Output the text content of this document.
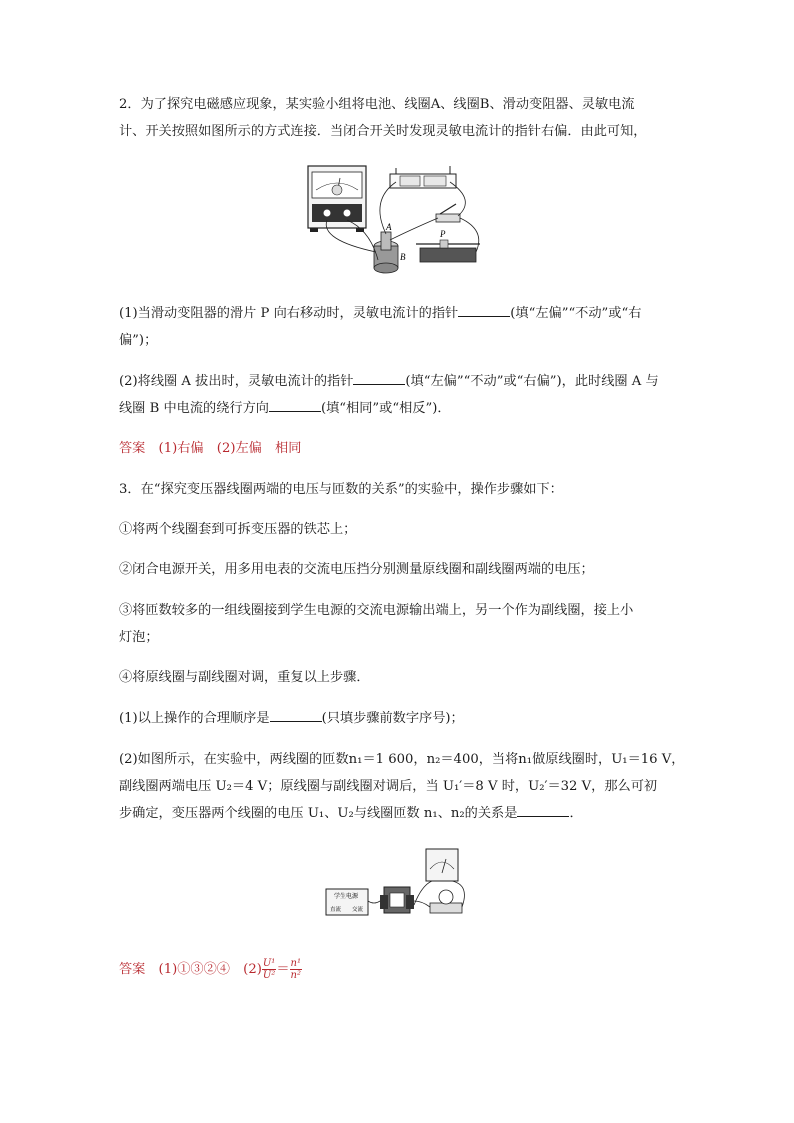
2．为了探究电磁感应现象，某实验小组将电池、线圈A、线圈B、滑动变阻器、灵敏电流
计、开关按照如图所示的方式连接．当闭合开关时发现灵敏电流计的指针右偏．由此可知，
A
B
P
(1)当滑动变阻器的滑片 P 向右移动时，灵敏电流计的指针	(填“左偏”“不动”或“右
偏”)；
(2)将线圈 A 拔出时，灵敏电流计的指针	(填“左偏”“不动”或“右偏”)，此时线圈 A 与
线圈 B 中电流的绕行方向	(填“相同”或“相反”)．
答案　(1)右偏　(2)左偏　相同
3．在“探究变压器线圈两端的电压与匝数的关系”的实验中，操作步骤如下：
①将两个线圈套到可拆变压器的铁芯上；
②闭合电源开关，用多用电表的交流电压挡分别测量原线圈和副线圈两端的电压；
③将匝数较多的一组线圈接到学生电源的交流电源输出端上，另一个作为副线圈，接上小
灯泡；
④将原线圈与副线圈对调，重复以上步骤．
(1)以上操作的合理顺序是	(只填步骤前数字序号)；
(2)如图所示，在实验中，两线圈的匝数n₁＝1 600，n₂＝400，当将n₁做原线圈时，U₁＝16 V，
副线圈两端电压 U₂＝4 V；原线圈与副线圈对调后，当 U₁′＝8 V 时，U₂′＝32 V，那么可初
步确定，变压器两个线圈的电压 U₁、U₂与线圈匝数 n₁、n₂的关系是	．
学生电源
直流 交流
答案　(1)①③②④　$(2) \frac{\text{U¹}}{\text{U²}} = \frac{\text{n¹}}{\text{n²}}$
